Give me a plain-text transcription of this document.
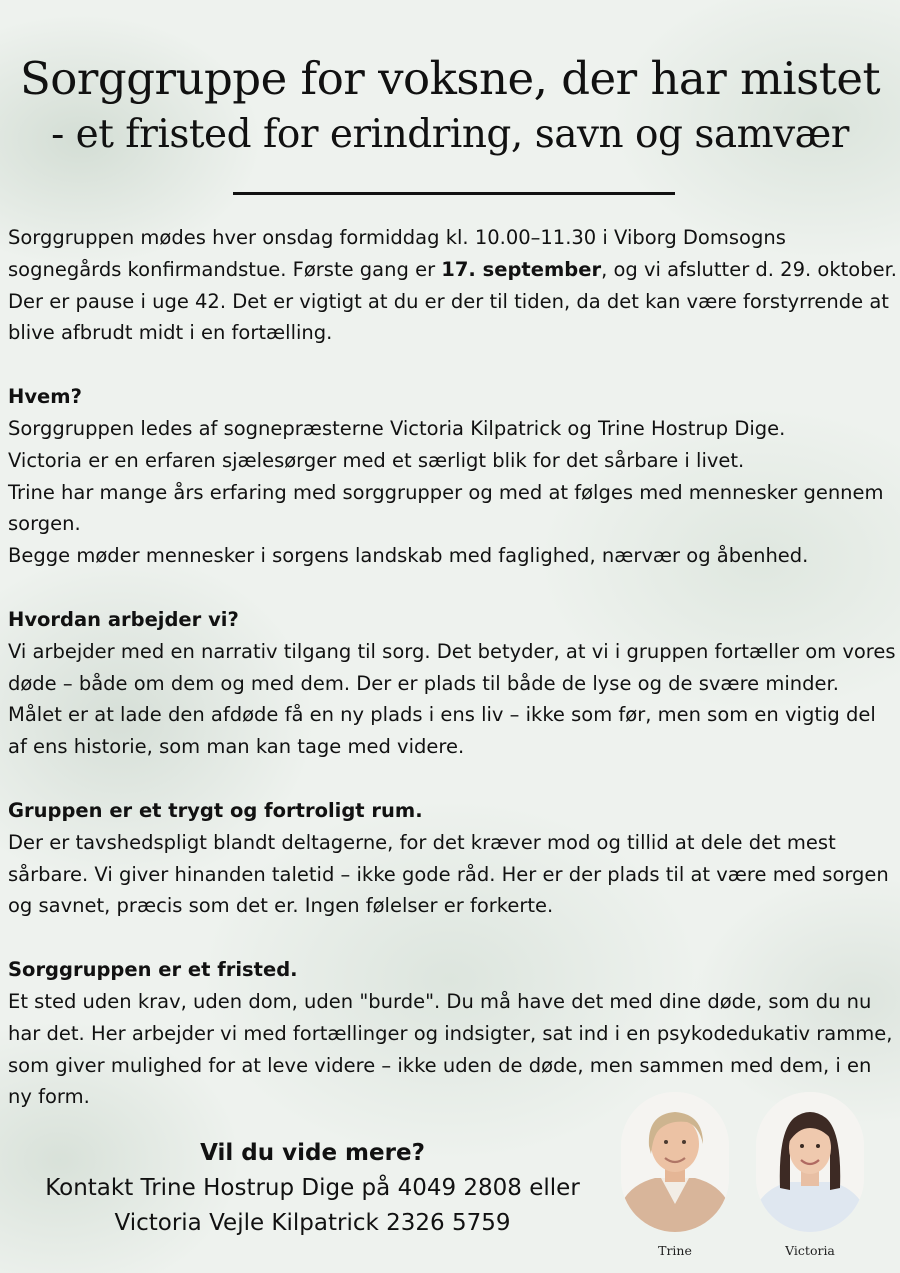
Sorggruppe for voksne, der har mistet
- et fristed for erindring, savn og samvær

Sorggruppen mødes hver onsdag formiddag kl. 10.00–11.30 i Viborg Domsogns sognegårds konfirmandstue. Første gang er 17. september, og vi afslutter d. 29. oktober. Der er pause i uge 42. Det er vigtigt at du er der til tiden, da det kan være forstyrrende at blive afbrudt midt i en fortælling.

Hvem?

Sorggruppen ledes af sognepræsterne Victoria Kilpatrick og Trine Hostrup Dige.

Victoria er en erfaren sjælesørger med et særligt blik for det sårbare i livet.

Trine har mange års erfaring med sorggrupper og med at følges med mennesker gennem sorgen.

Begge møder mennesker i sorgens landskab med faglighed, nærvær og åbenhed.

Hvordan arbejder vi?

Vi arbejder med en narrativ tilgang til sorg. Det betyder, at vi i gruppen fortæller om vores døde – både om dem og med dem. Der er plads til både de lyse og de svære minder. Målet er at lade den afdøde få en ny plads i ens liv – ikke som før, men som en vigtig del af ens historie, som man kan tage med videre.

Gruppen er et trygt og fortroligt rum.

Der er tavshedspligt blandt deltagerne, for det kræver mod og tillid at dele det mest sårbare. Vi giver hinanden taletid – ikke gode råd. Her er der plads til at være med sorgen og savnet, præcis som det er. Ingen følelser er forkerte.

Sorggruppen er et fristed.

Et sted uden krav, uden dom, uden "burde". Du må have det med dine døde, som du nu har det. Her arbejder vi med fortællinger og indsigter, sat ind i en psykodedukativ ramme, som giver mulighed for at leve videre – ikke uden de døde, men sammen med dem, i en ny form.

Vil du vide mere?
Kontakt Trine Hostrup Dige på 4049 2808 eller
Victoria Vejle Kilpatrick 2326 5759
Trine	Victoria
